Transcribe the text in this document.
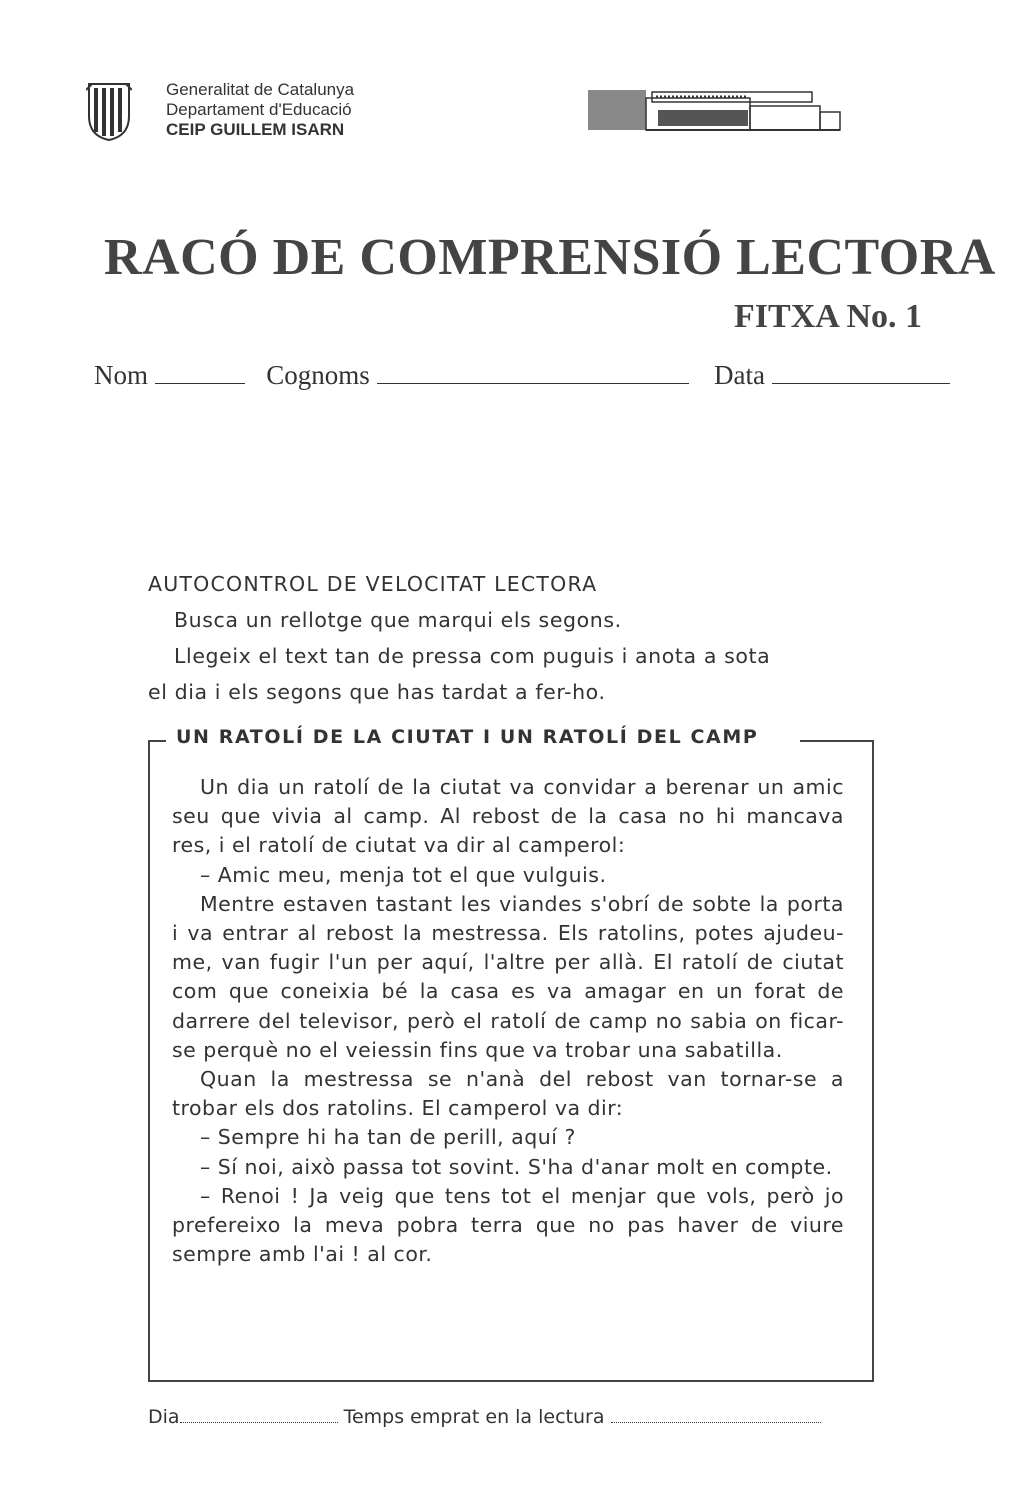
Generalitat de Catalunya
Departament d'Educació
CEIP GUILLEM ISARN
RACÓ DE COMPRENSIÓ LECTORA
FITXA No. 1
Nom	Cognoms	Data
AUTOCONTROL DE VELOCITAT LECTORA
Busca un rellotge que marqui els segons.
Llegeix el text tan de pressa com puguis i anota a sota
el dia i els segons que has tardat a fer-ho.
UN RATOLÍ DE LA CIUTAT I UN RATOLÍ DEL CAMP

Un dia un ratolí de la ciutat va convidar a berenar un amic seu que vivia al camp. Al rebost de la casa no hi mancava res, i el ratolí de ciutat va dir al camperol:

– Amic meu, menja tot el que vulguis.

Mentre estaven tastant les viandes s'obrí de sobte la porta i va entrar al rebost la mestressa. Els ratolins, potes ajudeu-me, van fugir l'un per aquí, l'altre per allà. El ratolí de ciutat com que coneixia bé la casa es va amagar en un forat de darrere del televisor, però el ratolí de camp no sabia on ficar-se perquè no el veiessin fins que va trobar una sabatilla.

Quan la mestressa se n'anà del rebost van tornar-se a trobar els dos ratolins. El camperol va dir:

– Sempre hi ha tan de perill, aquí ?

– Sí noi, això passa tot sovint. S'ha d'anar molt en compte.

– Renoi ! Ja veig que tens tot el menjar que vols, però jo prefereixo la meva pobra terra que no pas haver de viure sempre amb l'ai ! al cor.

Dia	Temps emprat en la lectura
